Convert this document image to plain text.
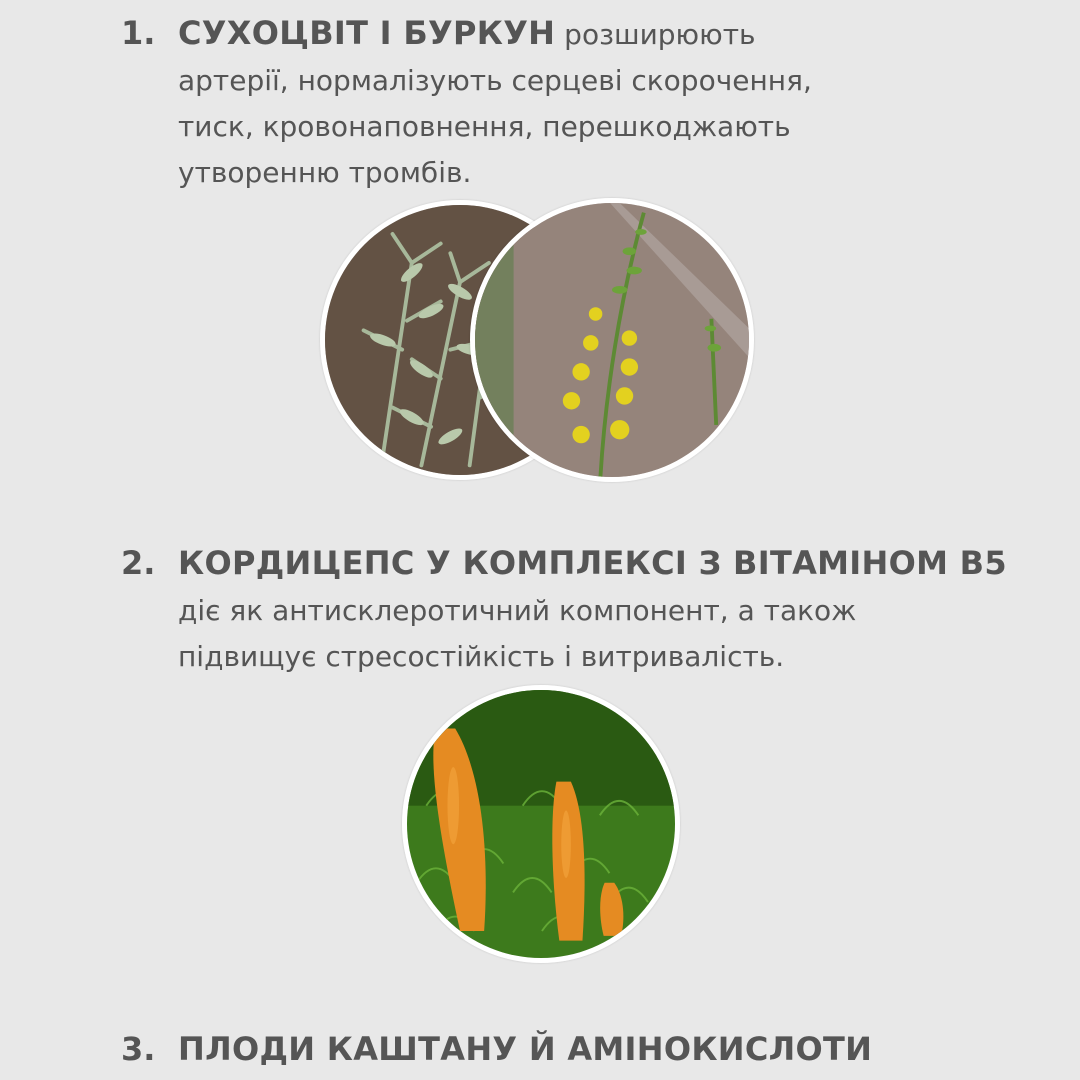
1. СУХОЦВІТ І БУРКУН розширюють
артерії, нормалізують серцеві скорочення,
тиск, кровонаповнення, перешкоджають
утворенню тромбів.
2. КОРДИЦЕПС У КОМПЛЕКСІ З ВІТАМІНОМ B5
діє як антисклеротичний компонент, а також
підвищує стресостійкість і витривалість.
3. ПЛОДИ КАШТАНУ Й АМІНОКИСЛОТИ
